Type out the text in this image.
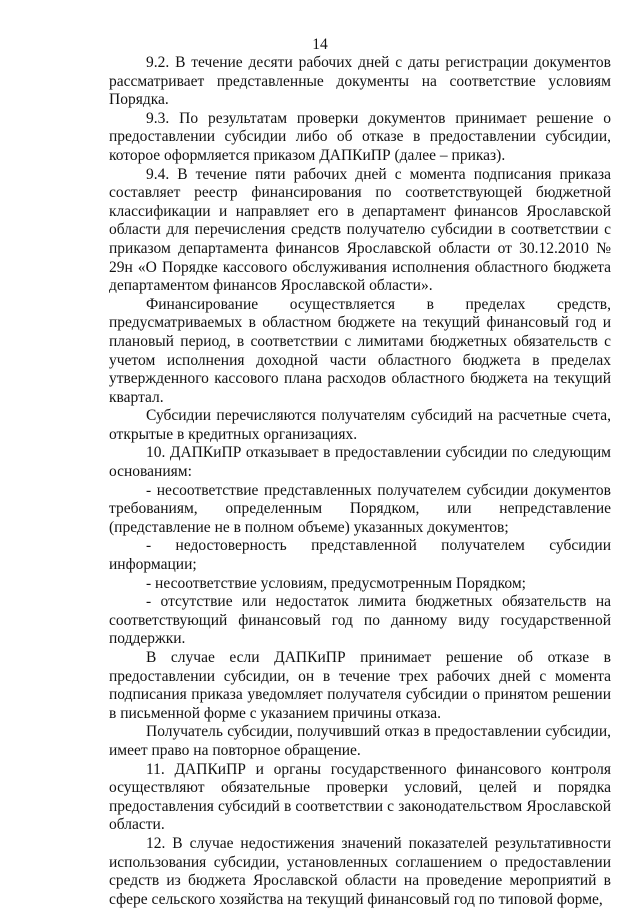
14

9.2. В течение десяти рабочих дней с даты регистрации документов рассматривает представленные документы на соответствие условиям Порядка.

9.3. По результатам проверки документов принимает решение о предоставлении субсидии либо об отказе в предоставлении субсидии, которое оформляется приказом ДАПКиПР (далее – приказ).

9.4. В течение пяти рабочих дней с момента подписания приказа составляет реестр финансирования по соответствующей бюджетной классификации и направляет его в департамент финансов Ярославской области для перечисления средств получателю субсидии в соответствии с приказом департамента финансов Ярославской области от 30.12.2010 № 29н «О Порядке кассового обслуживания исполнения областного бюджета департаментом финансов Ярославской области».

Финансирование осуществляется в пределах средств, предусматриваемых в областном бюджете на текущий финансовый год и плановый период, в соответствии с лимитами бюджетных обязательств с учетом исполнения доходной части областного бюджета в пределах утвержденного кассового плана расходов областного бюджета на текущий квартал.

Субсидии перечисляются получателям субсидий на расчетные счета, открытые в кредитных организациях.

10. ДАПКиПР отказывает в предоставлении субсидии по следующим основаниям:

- несоответствие представленных получателем субсидии документов требованиям, определенным Порядком, или непредставление (представление не в полном объеме) указанных документов;

- недостоверность представленной получателем субсидии информации;

- несоответствие условиям, предусмотренным Порядком;

- отсутствие или недостаток лимита бюджетных обязательств на соответствующий финансовый год по данному виду государственной поддержки.

В случае если ДАПКиПР принимает решение об отказе в предоставлении субсидии, он в течение трех рабочих дней с момента подписания приказа уведомляет получателя субсидии о принятом решении в письменной форме с указанием причины отказа.

Получатель субсидии, получивший отказ в предоставлении субсидии, имеет право на повторное обращение.

11. ДАПКиПР и органы государственного финансового контроля осуществляют обязательные проверки условий, целей и порядка предоставления субсидий в соответствии с законодательством Ярославской области.

12. В случае недостижения значений показателей результативности использования субсидии, установленных соглашением о предоставлении средств из бюджета Ярославской области на проведение мероприятий в сфере сельского хозяйства на текущий финансовый год по типовой форме,
